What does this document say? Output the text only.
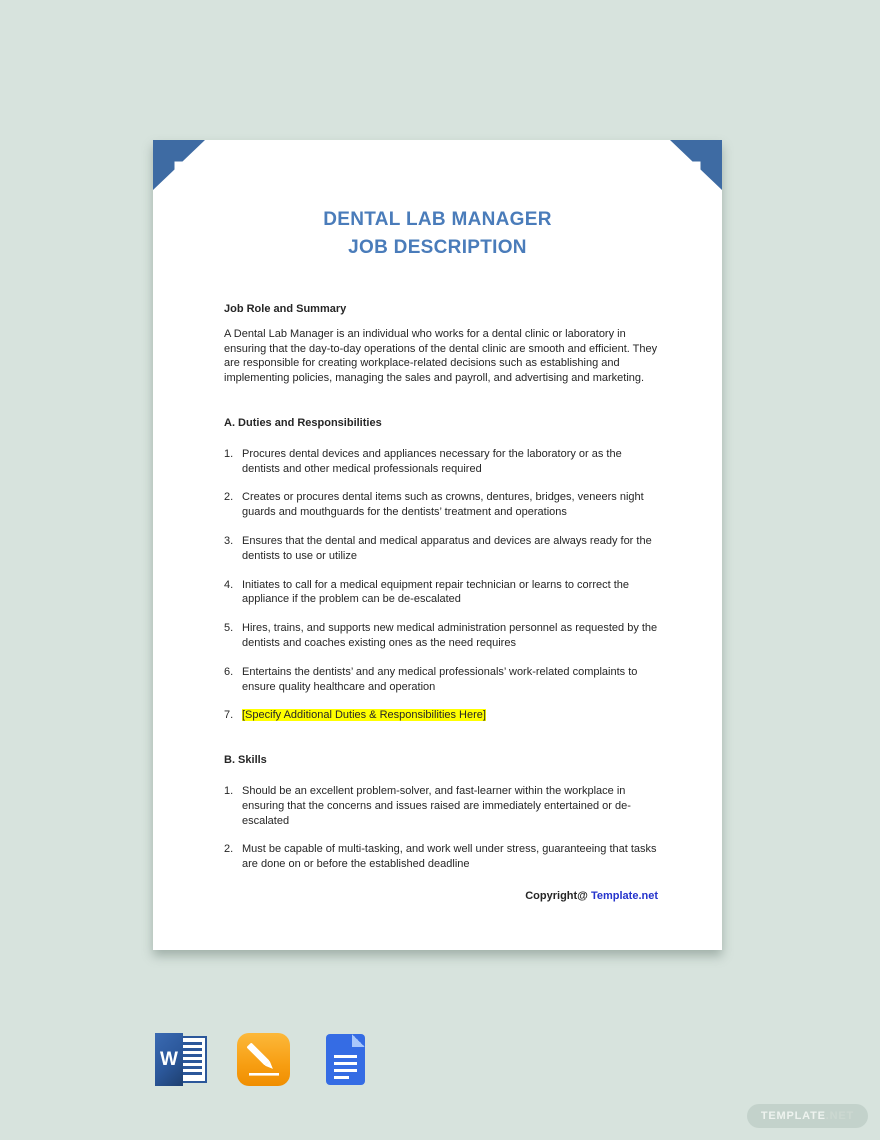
DENTAL LAB MANAGER
JOB DESCRIPTION
Job Role and Summary
A Dental Lab Manager is an individual who works for a dental clinic or laboratory in ensuring that the day-to-day operations of the dental clinic are smooth and efficient. They are responsible for creating workplace-related decisions such as establishing and implementing policies, managing the sales and payroll, and advertising and marketing.
A. Duties and Responsibilities
1. Procures dental devices and appliances necessary for the laboratory or as the dentists and other medical professionals required
2. Creates or procures dental items such as crowns, dentures, bridges, veneers night guards and mouthguards for the dentists’ treatment and operations
3. Ensures that the dental and medical apparatus and devices are always ready for the dentists to use or utilize
4. Initiates to call for a medical equipment repair technician or learns to correct the appliance if the problem can be de-escalated
5. Hires, trains, and supports new medical administration personnel as requested by the dentists and coaches existing ones as the need requires
6. Entertains the dentists’ and any medical professionals’ work-related complaints to ensure quality healthcare and operation
7. [Specify Additional Duties & Responsibilities Here]
B. Skills
1. Should be an excellent problem-solver, and fast-learner within the workplace in ensuring that the concerns and issues raised are immediately entertained or de-escalated
2. Must be capable of multi-tasking, and work well under stress, guaranteeing that tasks are done on or before the established deadline
Copyright@ Template.net
W
TEMPLATE .NET
